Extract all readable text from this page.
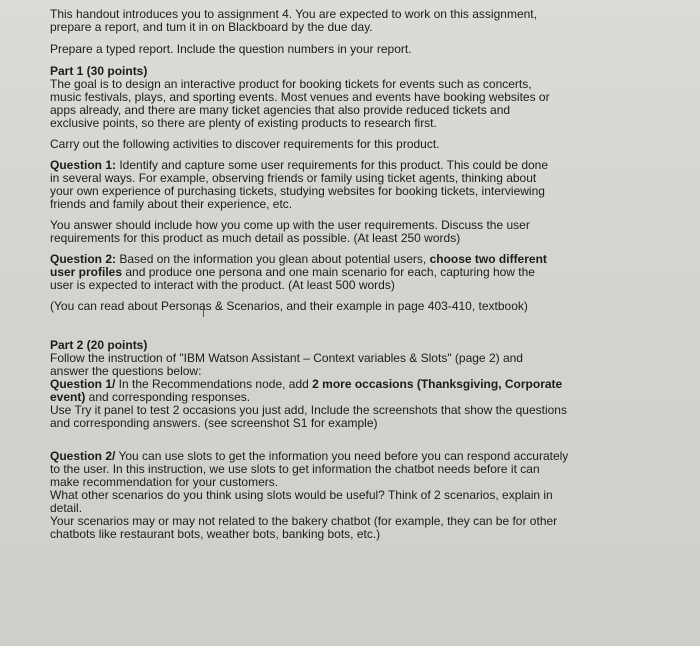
This handout introduces you to assignment 4. You are expected to work on this assignment,

prepare a report, and tum it in on Blackboard by the due day.

Prepare a typed report. Include the question numbers in your report.

Part 1 (30 points)

The goal is to design an interactive product for booking tickets for events such as concerts,

music festivals, plays, and sporting events. Most venues and events have booking websites or

apps already, and there are many ticket agencies that also provide reduced tickets and

exclusive points, so there are plenty of existing products to research first.

Carry out the following activities to discover requirements for this product.

Question 1: Identify and capture some user requirements for this product. This could be done

in several ways. For example, observing friends or family using ticket agents, thinking about

your own experience of purchasing tickets, studying websites for booking tickets, interviewing

friends and family about their experience, etc.

You answer should include how you come up with the user requirements. Discuss the user

requirements for this product as much detail as possible. (At least 250 words)

Question 2: Based on the information you glean about potential users, choose two different

user profiles and produce one persona and one main scenario for each, capturing how the

user is expected to interact with the product. (At least 500 words)

(You can read about Personas & Scenarios, and their example in page 403-410, textbook)

Part 2 (20 points)

Follow the instruction of "IBM Watson Assistant – Context variables & Slots" (page 2) and

answer the questions below:

Question 1/ In the Recommendations node, add 2 more occasions (Thanksgiving, Corporate

event) and corresponding responses.

Use Try it panel to test 2 occasions you just add, Include the screenshots that show the questions

and corresponding answers. (see screenshot S1 for example)

Question 2/ You can use slots to get the information you need before you can respond accurately

to the user. In this instruction, we use slots to get information the chatbot needs before it can

make recommendation for your customers.

What other scenarios do you think using slots would be useful? Think of 2 scenarios, explain in

detail.

Your scenarios may or may not related to the bakery chatbot (for example, they can be for other

chatbots like restaurant bots, weather bots, banking bots, etc.)
